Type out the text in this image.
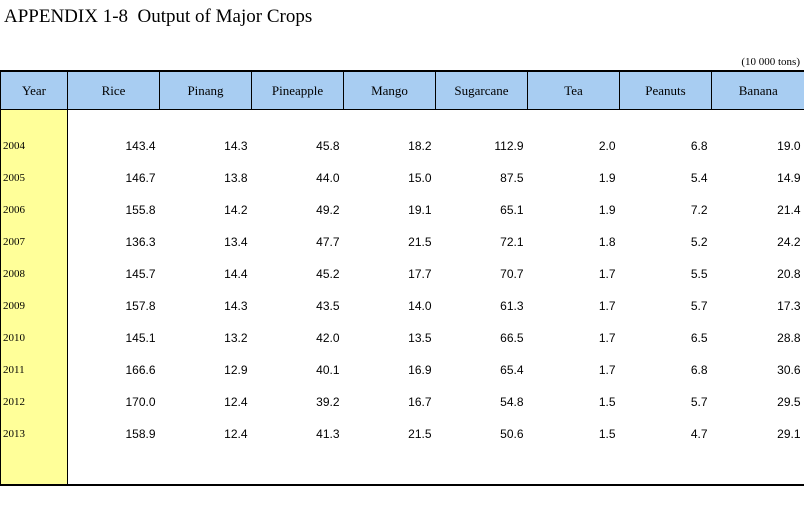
APPENDIX 1-8  Output of Major Crops
(10 000 tons)
Year	Rice	Pinang	Pineapple	Mango	Sugarcane	Tea	Peanuts	Banana

2004	143.4	14.3	45.8	18.2	112.9	2.0	6.8	19.0
2005	146.7	13.8	44.0	15.0	87.5	1.9	5.4	14.9
2006	155.8	14.2	49.2	19.1	65.1	1.9	7.2	21.4
2007	136.3	13.4	47.7	21.5	72.1	1.8	5.2	24.2
2008	145.7	14.4	45.2	17.7	70.7	1.7	5.5	20.8
2009	157.8	14.3	43.5	14.0	61.3	1.7	5.7	17.3
2010	145.1	13.2	42.0	13.5	66.5	1.7	6.5	28.8
2011	166.6	12.9	40.1	16.9	65.4	1.7	6.8	30.6
2012	170.0	12.4	39.2	16.7	54.8	1.5	5.7	29.5
2013	158.9	12.4	41.3	21.5	50.6	1.5	4.7	29.1
